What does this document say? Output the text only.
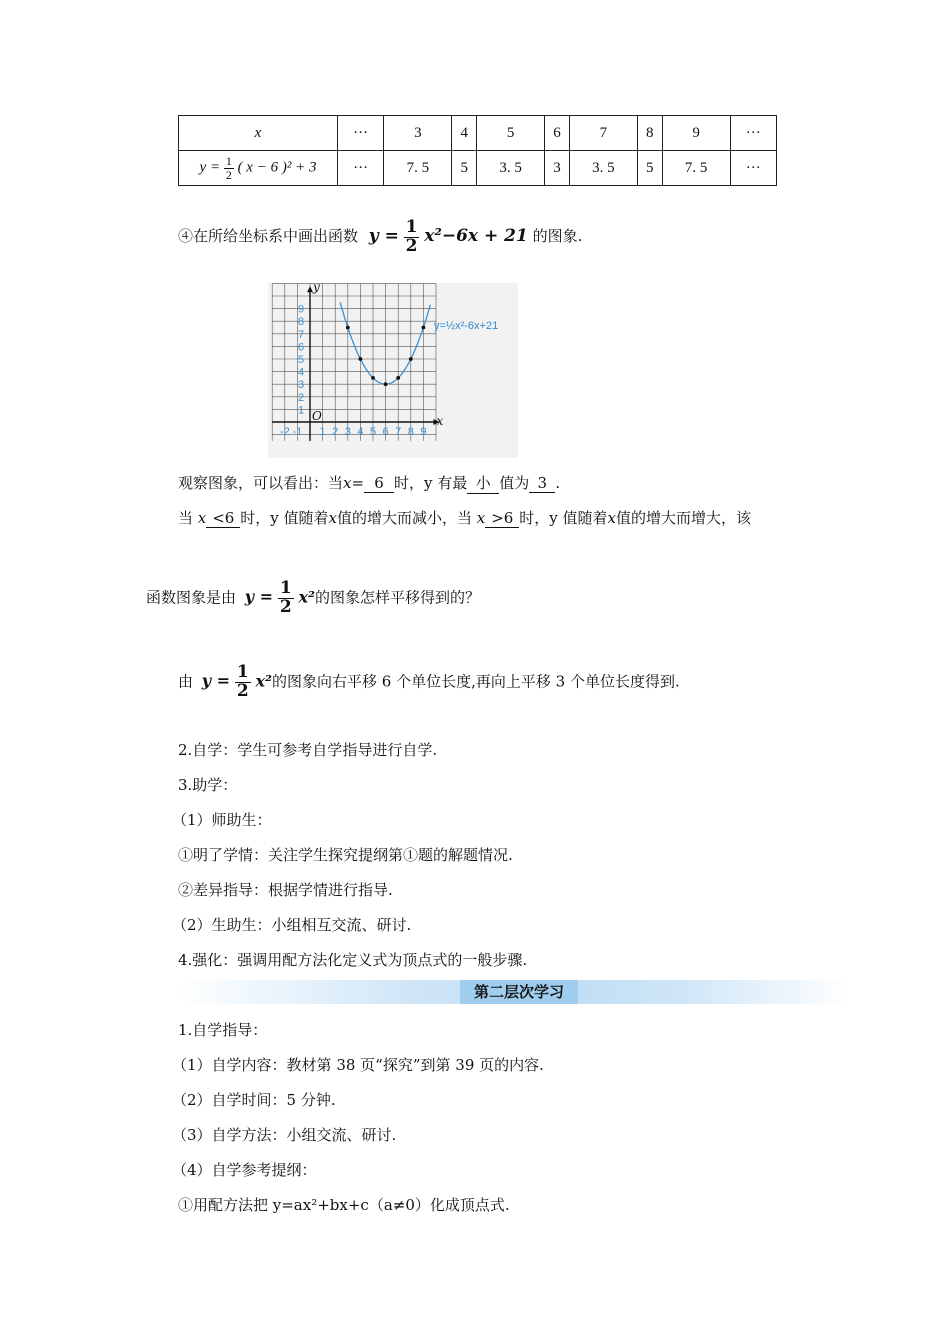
x	···	3	4	5	6	7	8	9	···
$y = \frac{1}{2}$ ( x − 6 )² + 3	···	7. 5	5	3. 5	3	3. 5	5	7. 5	···
④在所给坐标系中画出函数 $y = \frac{1}{2} x^2-6x + 21$ 的图象.
1
2
3
4
5
6
7
8
9
-2 -1 1 2 3 4 5 6 7 8 9
y
x
O
y=½x²-6x+21
观察图象，可以看出：当x= 6 时，y 有最 小 值为 3 .
当 x <6 时，y 值随着x值的增大而减小，当 x >6 时，y 值随着x值的增大而增大，该
函数图象是由 $y = \frac{1}{2} x^2$的图象怎样平移得到的？
由 $y = \frac{1}{2} x^2$的图象向右平移 6 个单位长度,再向上平移 3 个单位长度得到.
2.自学：学生可参考自学指导进行自学.
3.助学：
（1）师助生：
①明了学情：关注学生探究提纲第①题的解题情况.
②差异指导：根据学情进行指导.
（2）生助生：小组相互交流、研讨.
4.强化：强调用配方法化定义式为顶点式的一般步骤.
第二层次学习
1.自学指导：
（1）自学内容：教材第 38 页“探究”到第 39 页的内容.
（2）自学时间：5 分钟.
（3）自学方法：小组交流、研讨.
（4）自学参考提纲：
①用配方法把 y=ax²+bx+c（a≠0）化成顶点式.
